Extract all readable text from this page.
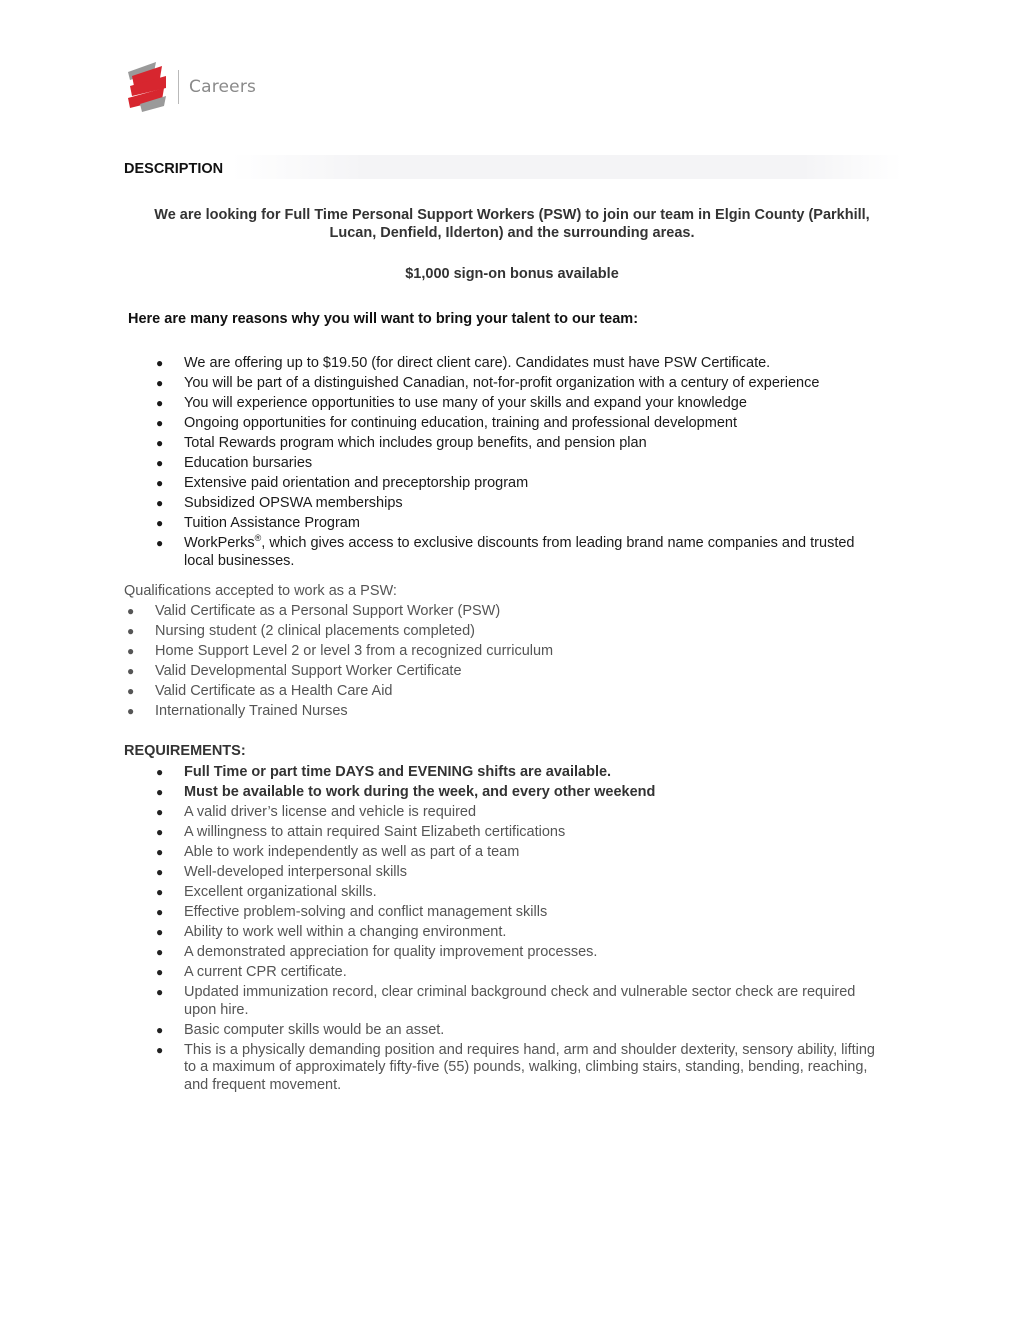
Careers
DESCRIPTION
We are looking for Full Time Personal Support Workers (PSW) to join our team in Elgin County (Parkhill,
Lucan, Denfield, Ilderton) and the surrounding areas.
$1,000 sign-on bonus available
Here are many reasons why you will want to bring your talent to our team:
● We are offering up to $19.50 (for direct client care). Candidates must have PSW Certificate.
● You will be part of a distinguished Canadian, not-for-profit organization with a century of experience
● You will experience opportunities to use many of your skills and expand your knowledge
● Ongoing opportunities for continuing education, training and professional development
● Total Rewards program which includes group benefits, and pension plan
● Education bursaries
● Extensive paid orientation and preceptorship program
● Subsidized OPSWA memberships
● Tuition Assistance Program
● WorkPerks®, which gives access to exclusive discounts from leading brand name companies and trusted local businesses.
Qualifications accepted to work as a PSW:
● Valid Certificate as a Personal Support Worker (PSW)
● Nursing student (2 clinical placements completed)
● Home Support Level 2 or level 3 from a recognized curriculum
● Valid Developmental Support Worker Certificate
● Valid Certificate as a Health Care Aid
● Internationally Trained Nurses
REQUIREMENTS:
● Full Time or part time DAYS and EVENING shifts are available.
● Must be available to work during the week, and every other weekend
● A valid driver’s license and vehicle is required
● A willingness to attain required Saint Elizabeth certifications
● Able to work independently as well as part of a team
● Well-developed interpersonal skills
● Excellent organizational skills.
● Effective problem-solving and conflict management skills
● Ability to work well within a changing environment.
● A demonstrated appreciation for quality improvement processes.
● A current CPR certificate.
● Updated immunization record, clear criminal background check and vulnerable sector check are required upon hire.
● Basic computer skills would be an asset.
● This is a physically demanding position and requires hand, arm and shoulder dexterity, sensory ability, lifting to a maximum of approximately fifty-five (55) pounds, walking, climbing stairs, standing, bending, reaching, and frequent movement.
